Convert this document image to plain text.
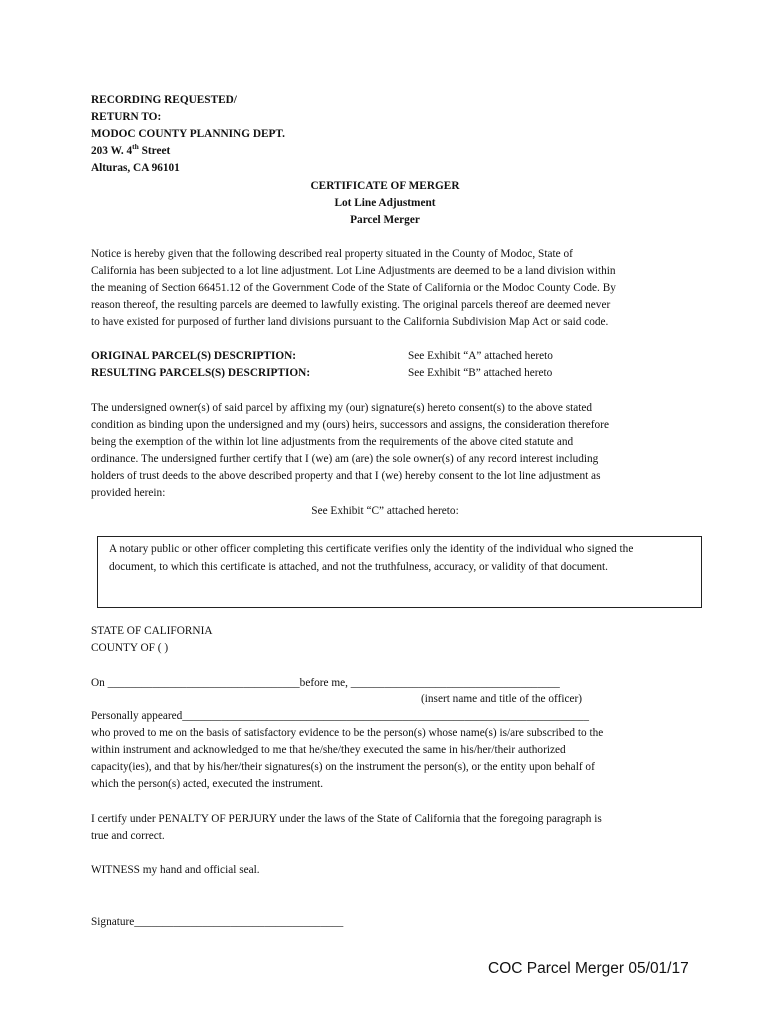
RECORDING REQUESTED/
RETURN TO:
MODOC COUNTY PLANNING DEPT.
203 W. 4th Street
Alturas, CA 96101
CERTIFICATE OF MERGER
Lot Line Adjustment
Parcel Merger
Notice is hereby given that the following described real property situated in the County of Modoc, State of
California has been subjected to a lot line adjustment. Lot Line Adjustments are deemed to be a land division within
the meaning of Section 66451.12 of the Government Code of the State of California or the Modoc County Code. By
reason thereof, the resulting parcels are deemed to lawfully existing. The original parcels thereof are deemed never
to have existed for purposed of further land divisions pursuant to the California Subdivision Map Act or said code.
ORIGINAL PARCEL(S) DESCRIPTION:	See Exhibit “A” attached hereto
RESULTING PARCELS(S) DESCRIPTION:	See Exhibit “B” attached hereto
The undersigned owner(s) of said parcel by affixing my (our) signature(s) hereto consent(s) to the above stated
condition as binding upon the undersigned and my (ours) heirs, successors and assigns, the consideration therefore
being the exemption of the within lot line adjustments from the requirements of the above cited statute and
ordinance. The undersigned further certify that I (we) am (are) the sole owner(s) of any record interest including
holders of trust deeds to the above described property and that I (we) hereby consent to the lot line adjustment as
provided herein:
See Exhibit “C” attached hereto:
A notary public or other officer completing this certificate verifies only the identity of the individual who signed the
document, to which this certificate is attached, and not the truthfulness, accuracy, or validity of that document.
STATE OF CALIFORNIA
COUNTY OF ( )
On __________________________________before me, _____________________________________
(insert name and title of the officer)
Personally appeared________________________________________________________________________
who proved to me on the basis of satisfactory evidence to be the person(s) whose name(s) is/are subscribed to the
within instrument and acknowledged to me that he/she/they executed the same in his/her/their authorized
capacity(ies), and that by his/her/their signatures(s) on the instrument the person(s), or the entity upon behalf of
which the person(s) acted, executed the instrument.
I certify under PENALTY OF PERJURY under the laws of the State of California that the foregoing paragraph is
true and correct.
WITNESS my hand and official seal.
Signature_____________________________________
COC Parcel Merger 05/01/17
